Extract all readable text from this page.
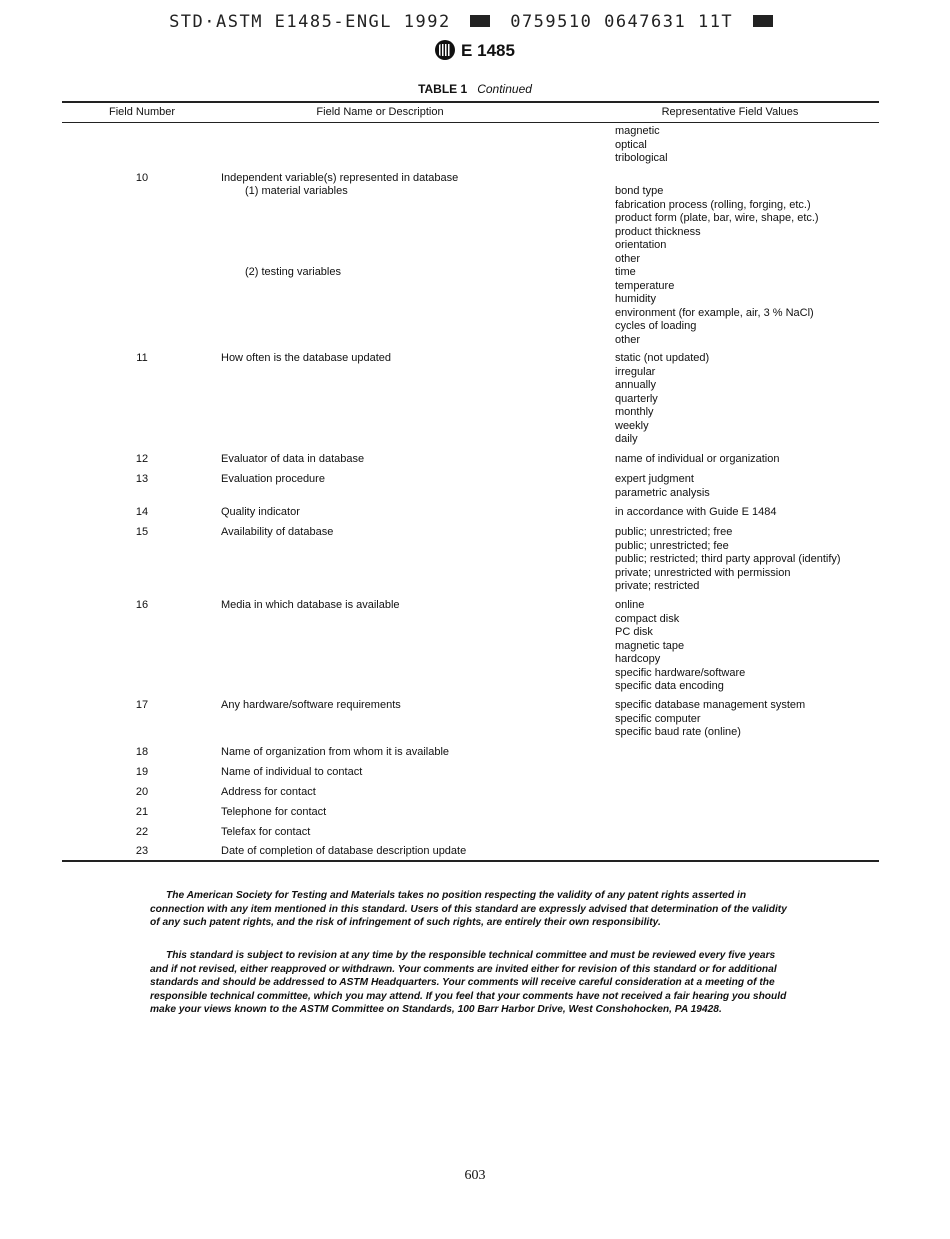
STD·ASTM E1485-ENGL 1992	0759510 0647631 11T
E 1485
TABLE 1 Continued
Field Number	Field Name or Description	Representative Field Values
magnetic
optical
tribological
10	Independent variable(s) represented in database
(1) material variables	bond type
fabrication process (rolling, forging, etc.)
product form (plate, bar, wire, shape, etc.)
product thickness
orientation
other
(2) testing variables	time
temperature
humidity
environment (for example, air, 3 % NaCl)
cycles of loading
other
11	How often is the database updated	static (not updated)
irregular
annually
quarterly
monthly
weekly
daily
12	Evaluator of data in database	name of individual or organization
13	Evaluation procedure	expert judgment
parametric analysis
14	Quality indicator	in accordance with Guide E 1484
15	Availability of database	public; unrestricted; free
public; unrestricted; fee
public; restricted; third party approval (identify)
private; unrestricted with permission
private; restricted
16	Media in which database is available	online
compact disk
PC disk
magnetic tape
hardcopy
specific hardware/software
specific data encoding
17	Any hardware/software requirements	specific database management system
specific computer
specific baud rate (online)
18	Name of organization from whom it is available
19	Name of individual to contact
20	Address for contact
21	Telephone for contact
22	Telefax for contact
23	Date of completion of database description update

The American Society for Testing and Materials takes no position respecting the validity of any patent rights asserted in connection with any item mentioned in this standard. Users of this standard are expressly advised that determination of the validity of any such patent rights, and the risk of infringement of such rights, are entirely their own responsibility.

This standard is subject to revision at any time by the responsible technical committee and must be reviewed every five years and if not revised, either reapproved or withdrawn. Your comments are invited either for revision of this standard or for additional standards and should be addressed to ASTM Headquarters. Your comments will receive careful consideration at a meeting of the responsible technical committee, which you may attend. If you feel that your comments have not received a fair hearing you should make your views known to the ASTM Committee on Standards, 100 Barr Harbor Drive, West Conshohocken, PA 19428.

603
